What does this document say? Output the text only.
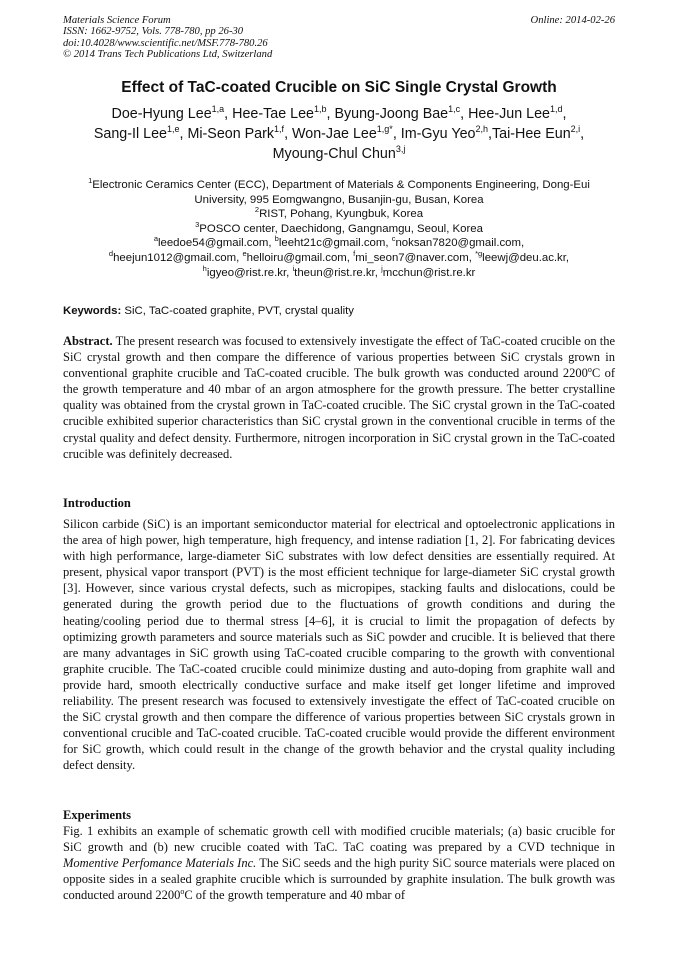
Materials Science Forum
ISSN: 1662-9752, Vols. 778-780, pp 26-30
doi:10.4028/www.scientific.net/MSF.778-780.26
© 2014 Trans Tech Publications Ltd, Switzerland
Online: 2014-02-26
Effect of TaC-coated Crucible on SiC Single Crystal Growth
Doe-Hyung Lee$^{1,a}$, Hee-Tae Lee$^{1,b}$, Byung-Joong Bae$^{1,c}$, Hee-Jun Lee$^{1,d}$,
Sang-Il Lee$^{1,e}$, Mi-Seon Park$^{1,f}$, Won-Jae Lee$^{1,g*}$, Im-Gyu Yeo$^{2,h}$,Tai-Hee Eun$^{2,i}$,
Myoung-Chul Chun$^{3,j}$
$^1$Electronic Ceramics Center (ECC), Department of Materials & Components Engineering, Dong-Eui
University, 995 Eomgwangno, Busanjin-gu, Busan, Korea
$^2$RIST, Pohang, Kyungbuk, Korea
$^3$POSCO center, Daechidong, Gangnamgu, Seoul, Korea
$^a$leedoe54@gmail.com, $^b$leeht21c@gmail.com, $^c$noksan7820@gmail.com,
$^d$heejun1012@gmail.com, $^e$helloiru@gmail.com, $^f$mi_seon7@naver.com, $^{*g}$leewj@deu.ac.kr,
$^h$igyeo@rist.re.kr, $^i$theun@rist.re.kr, $^j$mcchun@rist.re.kr
Keywords: SiC, TaC-coated graphite, PVT, crystal quality
Abstract. The present research was focused to extensively investigate the effect of TaC-coated crucible on the SiC crystal growth and then compare the difference of various properties between SiC crystals grown in conventional graphite crucible and TaC-coated crucible. The bulk growth was conducted around 2200$^o$C of the growth temperature and 40 mbar of an argon atmosphere for the growth pressure. The better crystalline quality was obtained from the crystal grown in TaC-coated crucible. The SiC crystal grown in the TaC-coated crucible exhibited superior characteristics than SiC crystal grown in the conventional crucible in terms of the crystal quality and defect density. Furthermore, nitrogen incorporation in SiC crystal grown in the TaC-coated crucible was definitely decreased.
Introduction
Silicon carbide (SiC) is an important semiconductor material for electrical and optoelectronic applications in the area of high power, high temperature, high frequency, and intense radiation [1, 2]. For fabricating devices with high performance, large-diameter SiC substrates with low defect densities are essentially required. At present, physical vapor transport (PVT) is the most efficient technique for large-diameter SiC crystal growth [3]. However, since various crystal defects, such as micropipes, stacking faults and dislocations, could be generated during the growth period due to the fluctuations of growth conditions and during the heating/cooling period due to thermal stress [4–6], it is crucial to limit the propagation of defects by optimizing growth parameters and source materials such as SiC powder and crucible. It is believed that there are many advantages in SiC growth using TaC-coated crucible comparing to the growth with conventional graphite crucible. The TaC-coated crucible could minimize dusting and auto-doping from graphite wall and provide hard, smooth electrically conductive surface and make itself get longer lifetime and improved reliability. The present research was focused to extensively investigate the effect of TaC-coated crucible on the SiC crystal growth and then compare the difference of various properties between SiC crystals grown in conventional crucible and TaC-coated crucible. TaC-coated crucible would provide the different environment for SiC growth, which could result in the change of the growth behavior and the crystal quality including defect density.
Experiments
Fig. 1 exhibits an example of schematic growth cell with modified crucible materials; (a) basic crucible for SiC growth and (b) new crucible coated with TaC. TaC coating was prepared by a CVD technique in Momentive Perfomance Materials Inc. The SiC seeds and the high purity SiC source materials were placed on opposite sides in a sealed graphite crucible which is surrounded by graphite insulation. The bulk growth was conducted around 2200$^o$C of the growth temperature and 40 mbar of
